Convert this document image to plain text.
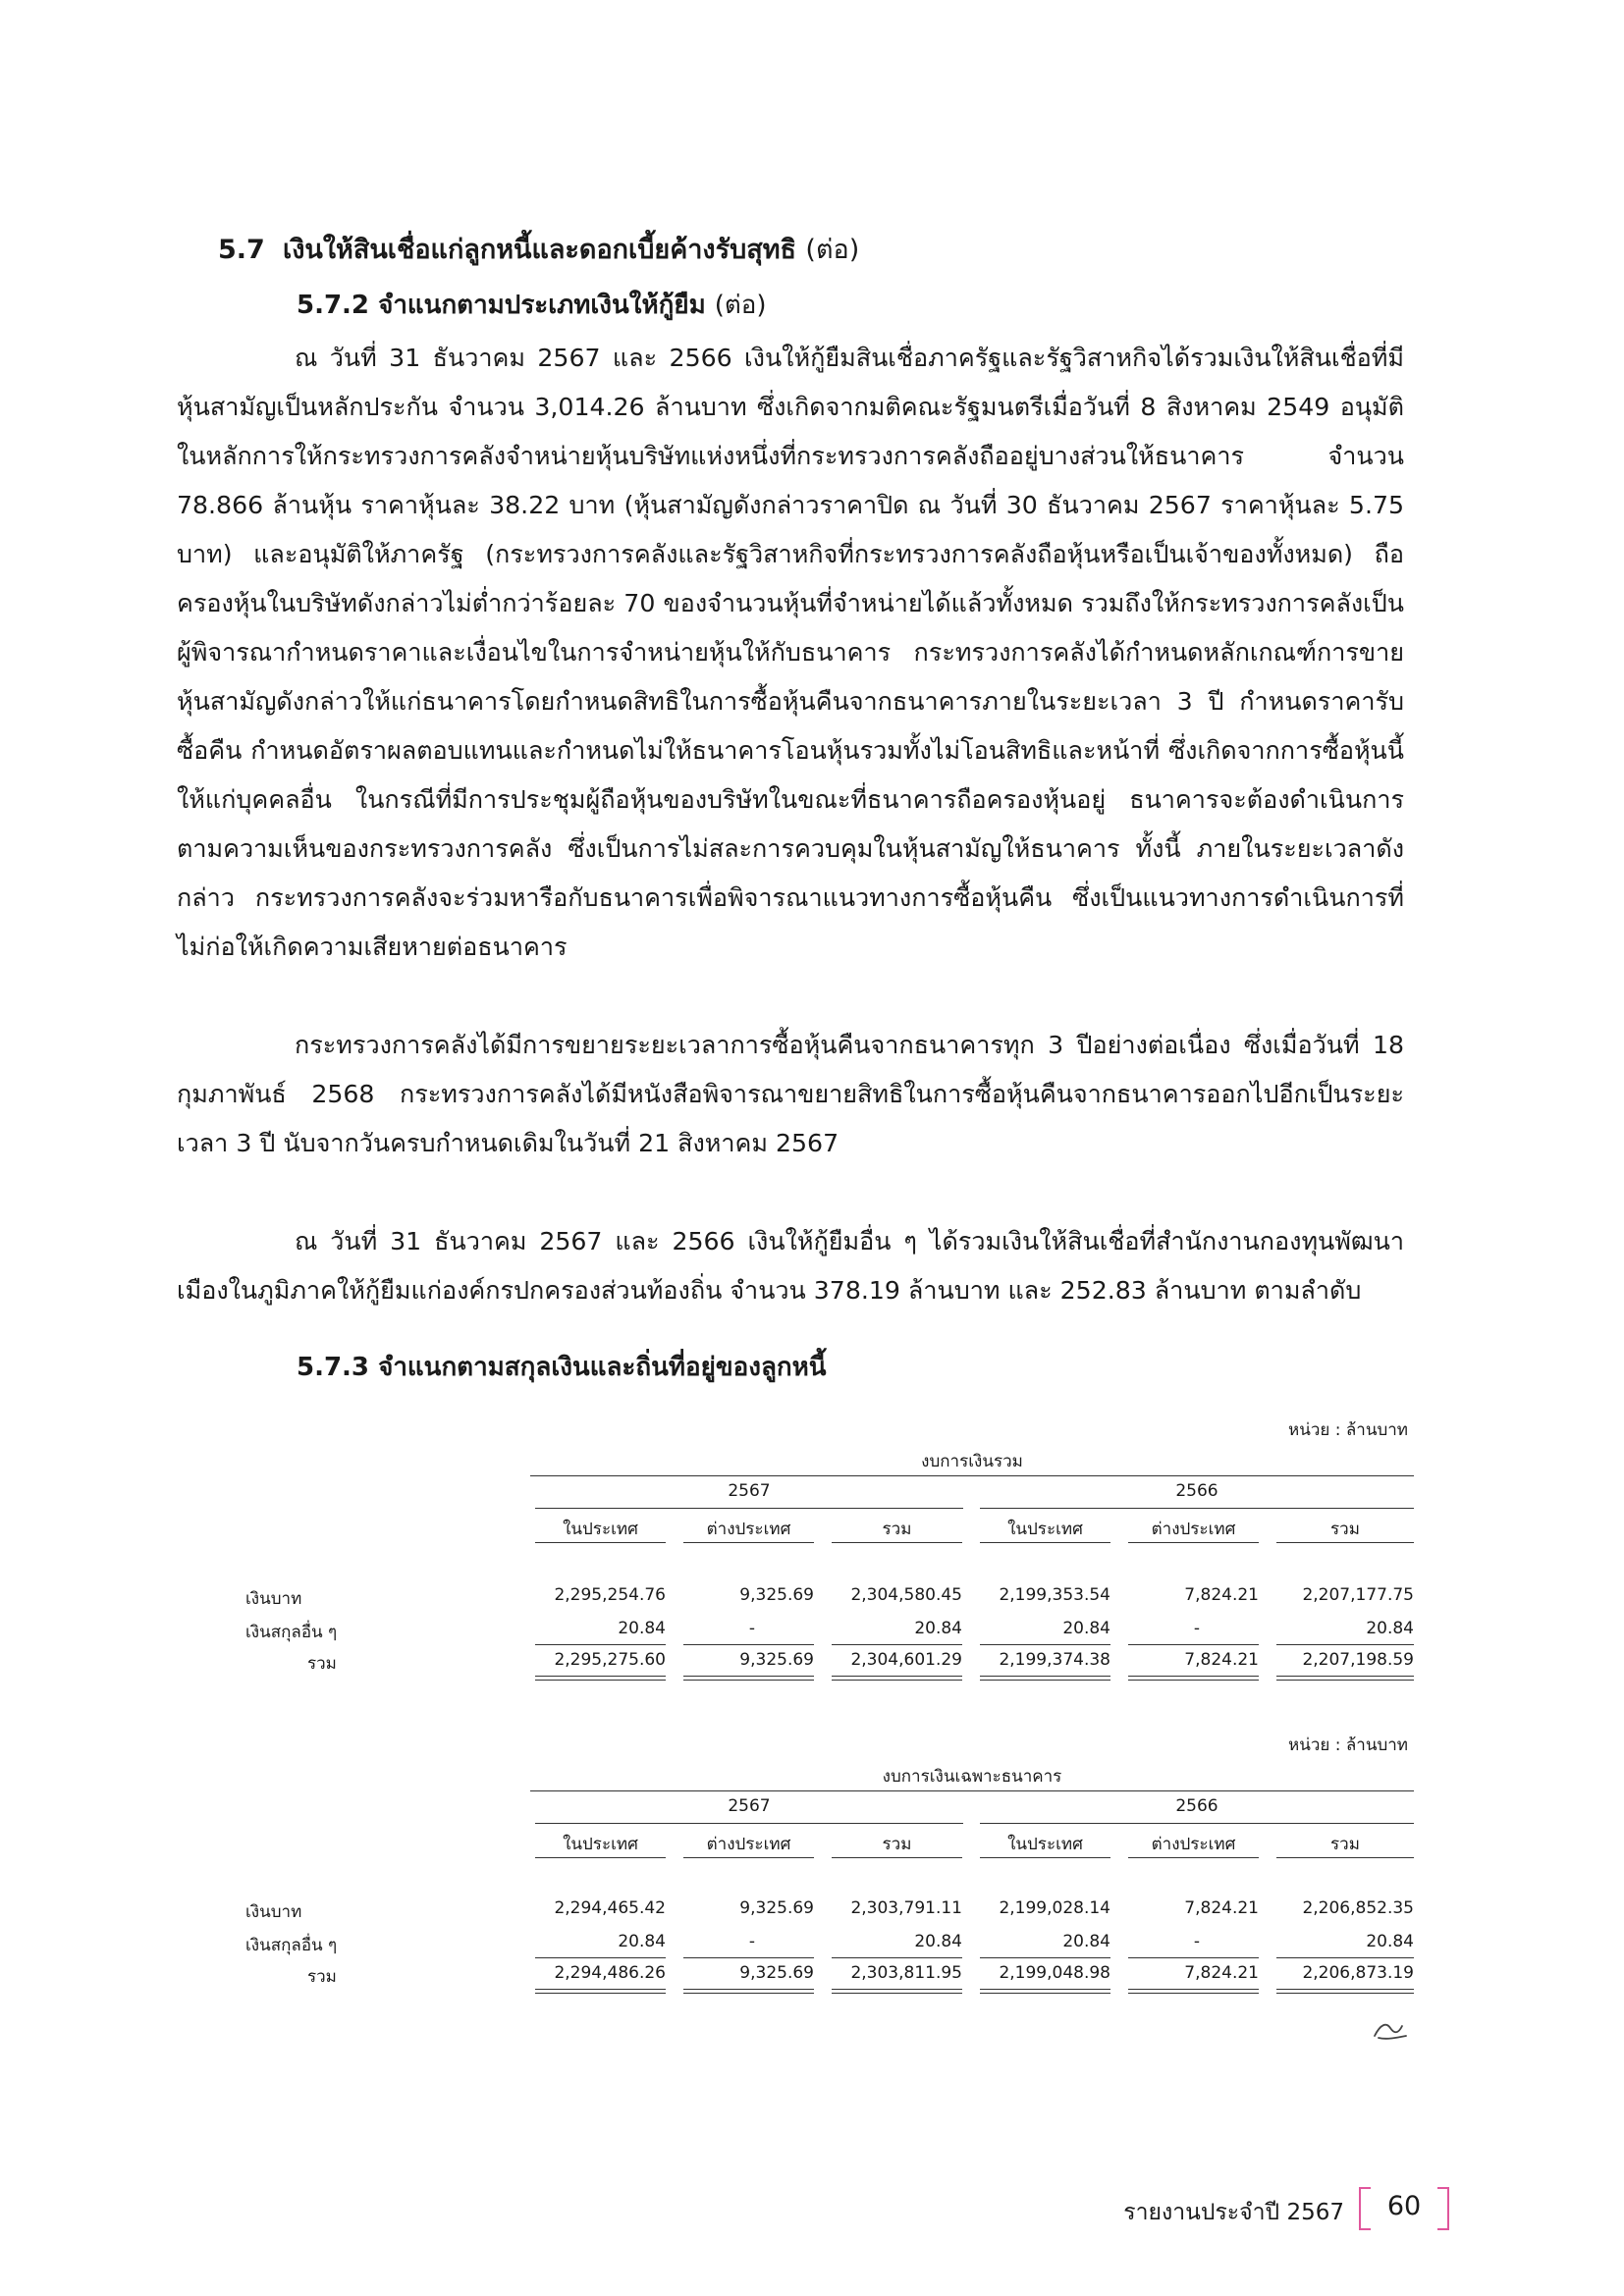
5.7 เงินให้สินเชื่อแก่ลูกหนี้และดอกเบี้ยค้างรับสุทธิ (ต่อ)
5.7.2 จำแนกตามประเภทเงินให้กู้ยืม (ต่อ)

ณ วันที่ 31 ธันวาคม 2567 และ 2566 เงินให้กู้ยืมสินเชื่อภาครัฐและรัฐวิสาหกิจได้รวมเงินให้สินเชื่อที่มีหุ้นสามัญเป็นหลักประกัน จำนวน 3,014.26 ล้านบาท ซึ่งเกิดจากมติคณะรัฐมนตรีเมื่อวันที่ 8 สิงหาคม 2549 อนุมัติในหลักการให้กระทรวงการคลังจำหน่ายหุ้นบริษัทแห่งหนึ่งที่กระทรวงการคลังถืออยู่บางส่วนให้ธนาคาร จำนวน 78.866 ล้านหุ้น ราคาหุ้นละ 38.22 บาท (หุ้นสามัญดังกล่าวราคาปิด ณ วันที่ 30 ธันวาคม 2567 ราคาหุ้นละ 5.75 บาท) และอนุมัติให้ภาครัฐ (กระทรวงการคลังและรัฐวิสาหกิจที่กระทรวงการคลังถือหุ้นหรือเป็นเจ้าของทั้งหมด) ถือครองหุ้นในบริษัทดังกล่าวไม่ต่ำกว่าร้อยละ 70 ของจำนวนหุ้นที่จำหน่ายได้แล้วทั้งหมด รวมถึงให้กระทรวงการคลังเป็นผู้พิจารณากำหนดราคาและเงื่อนไขในการจำหน่ายหุ้นให้กับธนาคาร กระทรวงการคลังได้กำหนดหลักเกณฑ์การขายหุ้นสามัญดังกล่าวให้แก่ธนาคารโดยกำหนดสิทธิในการซื้อหุ้นคืนจากธนาคารภายในระยะเวลา 3 ปี กำหนดราคารับซื้อคืน กำหนดอัตราผลตอบแทนและกำหนดไม่ให้ธนาคารโอนหุ้นรวมทั้งไม่โอนสิทธิและหน้าที่ ซึ่งเกิดจากการซื้อหุ้นนี้ให้แก่บุคคลอื่น ในกรณีที่มีการประชุมผู้ถือหุ้นของบริษัทในขณะที่ธนาคารถือครองหุ้นอยู่ ธนาคารจะต้องดำเนินการตามความเห็นของกระทรวงการคลัง ซึ่งเป็นการไม่สละการควบคุมในหุ้นสามัญให้ธนาคาร ทั้งนี้ ภายในระยะเวลาดังกล่าว กระทรวงการคลังจะร่วมหารือกับธนาคารเพื่อพิจารณาแนวทางการซื้อหุ้นคืน ซึ่งเป็นแนวทางการดำเนินการที่ไม่ก่อให้เกิดความเสียหายต่อธนาคาร

กระทรวงการคลังได้มีการขยายระยะเวลาการซื้อหุ้นคืนจากธนาคารทุก 3 ปีอย่างต่อเนื่อง ซึ่งเมื่อวันที่ 18 กุมภาพันธ์ 2568 กระทรวงการคลังได้มีหนังสือพิจารณาขยายสิทธิในการซื้อหุ้นคืนจากธนาคารออกไปอีกเป็นระยะเวลา 3 ปี นับจากวันครบกำหนดเดิมในวันที่ 21 สิงหาคม 2567

ณ วันที่ 31 ธันวาคม 2567 และ 2566 เงินให้กู้ยืมอื่น ๆ ได้รวมเงินให้สินเชื่อที่สำนักงานกองทุนพัฒนาเมืองในภูมิภาคให้กู้ยืมแก่องค์กรปกครองส่วนท้องถิ่น จำนวน 378.19 ล้านบาท และ 252.83 ล้านบาท ตามลำดับ

5.7.3 จำแนกตามสกุลเงินและถิ่นที่อยู่ของลูกหนี้
หน่วย : ล้านบาท
งบการเงินรวม
2567	2566
ในประเทศ	ต่างประเทศ	รวม	ในประเทศ	ต่างประเทศ	รวม
เงินบาท	2,295,254.76	9,325.69	2,304,580.45	2,199,353.54	7,824.21	2,207,177.75
เงินสกุลอื่น ๆ	20.84	-	20.84	20.84	-	20.84
รวม	2,295,275.60	9,325.69	2,304,601.29	2,199,374.38	7,824.21	2,207,198.59
หน่วย : ล้านบาท
งบการเงินเฉพาะธนาคาร
2567	2566
ในประเทศ	ต่างประเทศ	รวม	ในประเทศ	ต่างประเทศ	รวม
เงินบาท	2,294,465.42	9,325.69	2,303,791.11	2,199,028.14	7,824.21	2,206,852.35
เงินสกุลอื่น ๆ	20.84	-	20.84	20.84	-	20.84
รวม	2,294,486.26	9,325.69	2,303,811.95	2,199,048.98	7,824.21	2,206,873.19
รายงานประจำปี 2567	60
